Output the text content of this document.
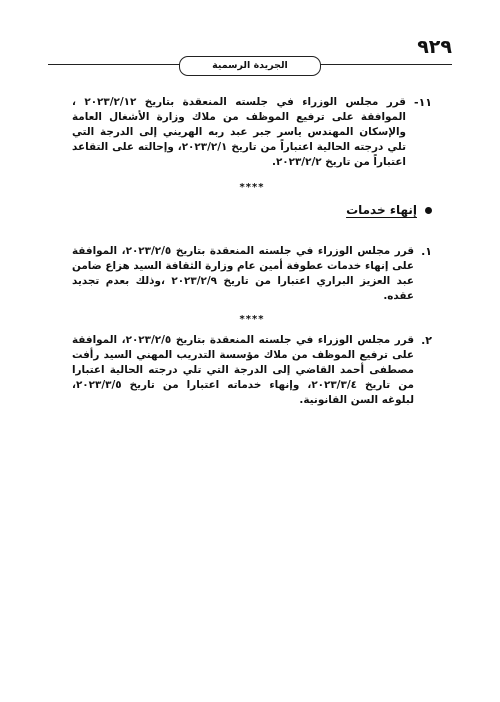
٩٢٩
الجريدة الرسمية
١١-
قرر مجلس الوزراء في جلسته المنعقدة بتاريخ ٢٠٢٣/٢/١٢ ، الموافقة على ترفيع الموظف من ملاك وزارة الأشغال العامة والإسكان المهندس ياسر جبر عبد ربه الهريني إلى الدرجة التي تلي درجته الحالية اعتباراً من تاريخ ٢٠٢٣/٢/١، وإحالته على التقاعد اعتباراً من تاريخ ٢٠٢٣/٢/٢.
****
إنهاء خدمات
١.
قرر مجلس الوزراء في جلسته المنعقدة بتاريخ ٢٠٢٣/٢/٥، الموافقة على إنهاء خدمات عطوفة أمين عام وزارة الثقافة السيد هزاع ضامن عبد العزيز البراري اعتبارا من تاريخ ٢٠٢٣/٢/٩ ،وذلك بعدم تجديد عقده.
****
٢.
قرر مجلس الوزراء في جلسته المنعقدة بتاريخ ٢٠٢٣/٢/٥، الموافقة على ترفيع الموظف من ملاك مؤسسة التدريب المهني السيد رأفت مصطفى أحمد القاضي إلى الدرجة التي تلي درجته الحالية اعتبارا من تاريخ ٢٠٢٣/٣/٤، وإنهاء خدماته اعتبارا من تاريخ ٢٠٢٣/٣/٥، لبلوغه السن القانونية.
